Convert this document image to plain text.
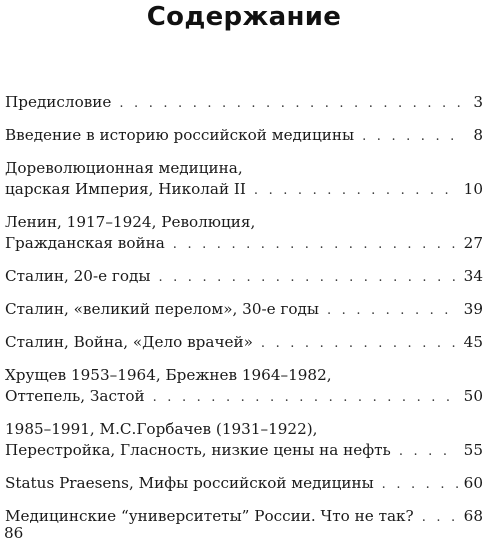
Содержание
Предисловие . . .	3
Введение в историю российской медицины . . .	8
Дореволюционная медицина,
царская Империя, Николай II . . .	10
Ленин, 1917–1924, Революция,
Гражданская война . . .	27
Сталин, 20-е годы . . .	34
Сталин, «великий перелом», 30-е годы . . .	39
Сталин, Война, «Дело врачей» . . .	45
Хрущев 1953–1964, Брежнев 1964–1982,
Оттепель, Застой . . .	50
1985–1991, М.С.Горбачев (1931–1922),
Перестройка, Гласность, низкие цены на нефть . . .	55
Status Praesens, Мифы российской медицины . . .	60
Медицинские “университеты” России. Что не так? . . .	68
86
